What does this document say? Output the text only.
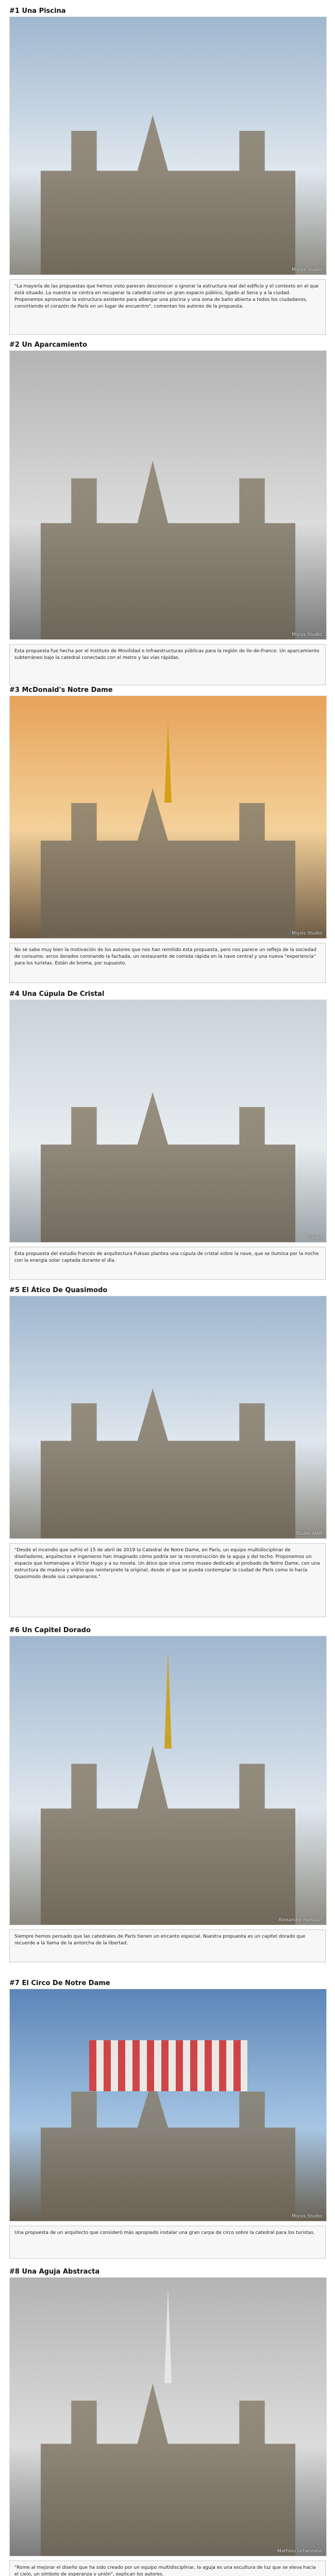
#1 Una Piscina
Miysis Studio
"La mayoría de las propuestas que hemos visto parecen desconocer o ignorar la estructura real del edificio y el contexto en el que está situado. La nuestra se centra en recuperar la catedral como un gran espacio público, ligado al Sena y a la ciudad. Proponemos aprovechar la estructura existente para albergar una piscina y una zona de baño abierta a todos los ciudadanos, convirtiendo el corazón de París en un lugar de encuentro", comentan los autores de la propuesta.
#2 Un Aparcamiento
Miysis Studio
Esta propuesta fue hecha por el Instituto de Movilidad e Infraestructuras públicas para la región de Ile-de-France. Un aparcamiento subterráneo bajo la catedral conectado con el metro y las vías rápidas.
#3 McDonald's Notre Dame
Miysis Studio
No se sabe muy bien la motivación de los autores que nos han remitido esta propuesta, pero nos parece un reflejo de la sociedad de consumo: arcos dorados coronando la fachada, un restaurante de comida rápida en la nave central y una nueva "experiencia" para los turistas. Están de broma, por supuesto.
#4 Una Cúpula De Cristal
Fuksas
Esta propuesta del estudio francés de arquitectura Fuksas plantea una cúpula de cristal sobre la nave, que se ilumina por la noche con la energía solar captada durante el día.
#5 El Ático De Quasimodo
Studio NAB
"Desde el incendio que sufrió el 15 de abril de 2019 la Catedral de Notre Dame, en París, un equipo multidisciplinar de diseñadores, arquitectos e ingenieros han imaginado cómo podría ser la reconstrucción de la aguja y del techo. Proponemos un espacio que homenajee a Víctor Hugo y a su novela. Un ático que sirva como museo dedicado al jorobado de Notre Dame, con una estructura de madera y vidrio que reinterprete la original, desde el que se pueda contemplar la ciudad de París como lo hacía Quasimodo desde sus campanarios."
#6 Un Capitel Dorado
Alexandre Fantozzi
Siempre hemos pensado que las catedrales de París tienen un encanto especial. Nuestra propuesta es un capitel dorado que recuerde a la llama de la antorcha de la libertad.
#7 El Circo De Notre Dame
Miysis Studio
Una propuesta de un arquitecto que consideró más apropiado instalar una gran carpa de circo sobre la catedral para los turistas.
#8 Una Aguja Abstracta
Mathieu Lehanneur
"Rome al mejorar el diseño que ha sido creado por un equipo multidisciplinar, la aguja es una escultura de luz que se eleva hacia el cielo, un símbolo de esperanza y unión", explican los autores.
